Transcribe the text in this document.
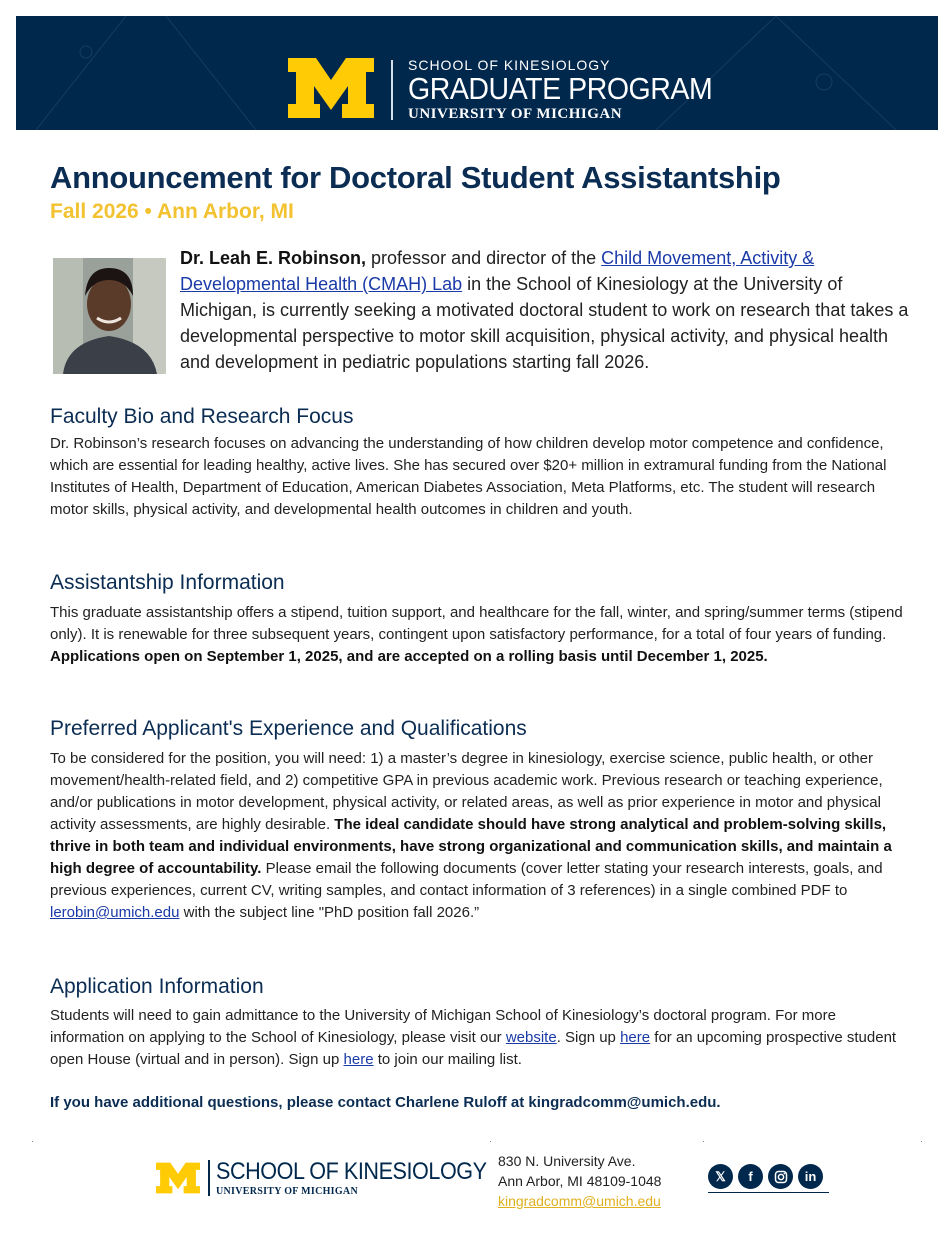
SCHOOL OF KINESIOLOGY
GRADUATE PROGRAM
UNIVERSITY OF MICHIGAN
Announcement for Doctoral Student Assistantship
Fall 2026 • Ann Arbor, MI
Dr. Leah E. Robinson, professor and director of the Child Movement, Activity & Developmental Health (CMAH) Lab in the School of Kinesiology at the University of Michigan, is currently seeking a motivated doctoral student to work on research that takes a developmental perspective to motor skill acquisition, physical activity, and physical health and development in pediatric populations starting fall 2026.
Faculty Bio and Research Focus
Dr. Robinson’s research focuses on advancing the understanding of how children develop motor competence and confidence, which are essential for leading healthy, active lives. She has secured over $20+ million in extramural funding from the National Institutes of Health, Department of Education, American Diabetes Association, Meta Platforms, etc. The student will research motor skills, physical activity, and developmental health outcomes in children and youth.
Assistantship Information
This graduate assistantship offers a stipend, tuition support, and healthcare for the fall, winter, and spring/summer terms (stipend only). It is renewable for three subsequent years, contingent upon satisfactory performance, for a total of four years of funding. Applications open on September 1, 2025, and are accepted on a rolling basis until December 1, 2025.
Preferred Applicant's Experience and Qualifications
To be considered for the position, you will need: 1) a master’s degree in kinesiology, exercise science, public health, or other movement/health-related field, and 2) competitive GPA in previous academic work. Previous research or teaching experience, and/or publications in motor development, physical activity, or related areas, as well as prior experience in motor and physical activity assessments, are highly desirable. The ideal candidate should have strong analytical and problem-solving skills, thrive in both team and individual environments, have strong organizational and communication skills, and maintain a high degree of accountability. Please email the following documents (cover letter stating your research interests, goals, and previous experiences, current CV, writing samples, and contact information of 3 references) in a single combined PDF to lerobin@umich.edu with the subject line "PhD position fall 2026.”
Application Information
Students will need to gain admittance to the University of Michigan School of Kinesiology’s doctoral program. For more information on applying to the School of Kinesiology, please visit our website. Sign up here for an upcoming prospective student open House (virtual and in person). Sign up here to join our mailing list.
If you have additional questions, please contact Charlene Ruloff at kingradcomm@umich.edu.
SCHOOL OF KINESIOLOGY
UNIVERSITY OF MICHIGAN
830 N. University Ave.
Ann Arbor, MI 48109-1048
kingradcomm@umich.edu
𝕏	f	in
